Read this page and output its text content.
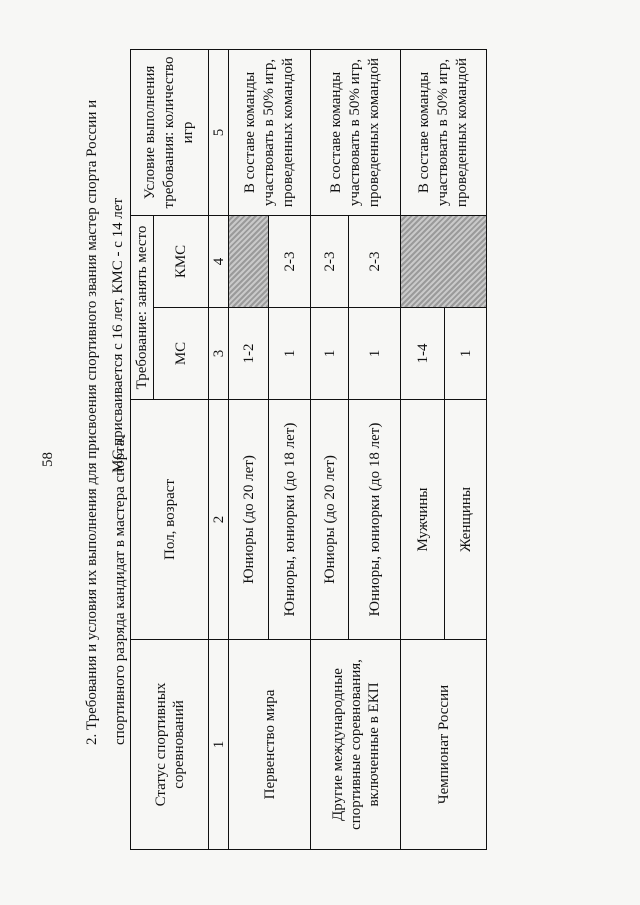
58	2. Требования и условия их выполнения для присвоения спортивного звания мастер спорта России и спортивного разряда кандидат в мастера спорта.
МС присваивается с 16 лет, КМС - с 14 лет
Статус спортивных соревнований	Пол, возраст	Требование: занять место		Условие выполнения требования: количество игр
		МС	КМС	
1	2	3	4	5
Первенство мира	Юниоры (до 20 лет)	1-2		В составе команды участвовать в 50% игр, проведенных командой
	Юниоры, юниорки (до 18 лет)	1	2-3	
Другие международные спортивные соревнования, включенные в ЕКП	Юниоры (до 20 лет)	1	2-3	В составе команды участвовать в 50% игр, проведенных командой
	Юниоры, юниорки (до 18 лет)	1	2-3	
Чемпионат России	Мужчины	1-4		В составе команды участвовать в 50% игр, проведенных командой
	Женщины	1		
